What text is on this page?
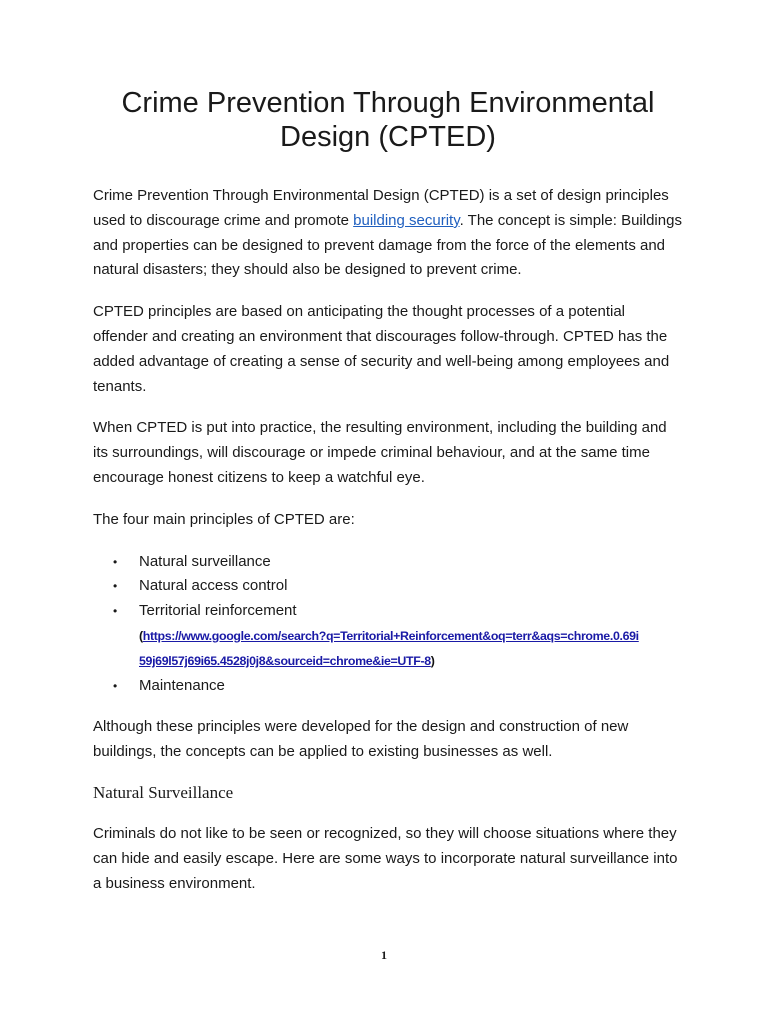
Crime Prevention Through Environmental Design (CPTED)

Crime Prevention Through Environmental Design (CPTED) is a set of design principles used to discourage crime and promote building security. The concept is simple: Buildings and properties can be designed to prevent damage from the force of the elements and natural disasters; they should also be designed to prevent crime.

CPTED principles are based on anticipating the thought processes of a potential offender and creating an environment that discourages follow-through. CPTED has the added advantage of creating a sense of security and well-being among employees and tenants.

When CPTED is put into practice, the resulting environment, including the building and its surroundings, will discourage or impede criminal behaviour, and at the same time encourage honest citizens to keep a watchful eye.

The four main principles of CPTED are:

• Natural surveillance
• Natural access control
• Territorial reinforcement
(https://www.google.com/search?q=Territorial+Reinforcement&oq=terr&aqs=chrome.0.69i
59j69l57j69i65.4528j0j8&sourceid=chrome&ie=UTF-8)
• Maintenance

Although these principles were developed for the design and construction of new buildings, the concepts can be applied to existing businesses as well.

Natural Surveillance

Criminals do not like to be seen or recognized, so they will choose situations where they can hide and easily escape. Here are some ways to incorporate natural surveillance into a business environment.

1
